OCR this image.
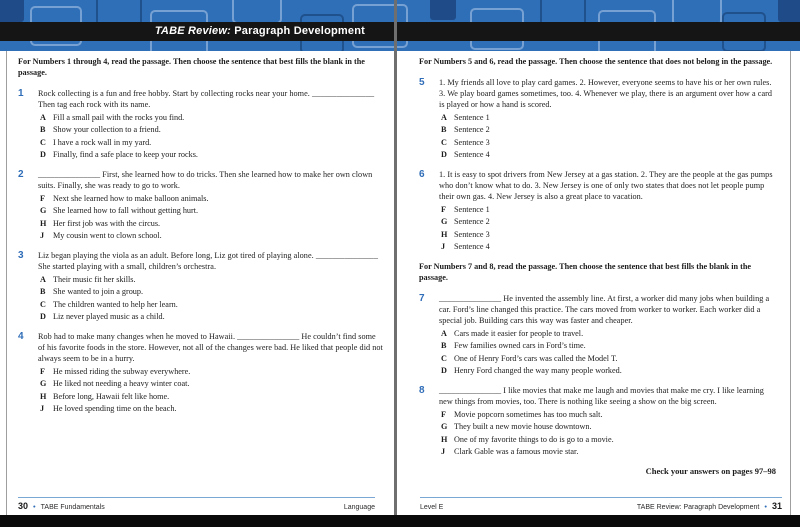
TABE Review: Paragraph Development

For Numbers 1 through 4, read the passage. Then choose the sentence that best fills the blank in the passage.

1	Rock collecting is a fun and free hobby. Start by collecting rocks near your home. _______________ Then tag each rock with its name.

A Fill a small pail with the rocks you find.
B Show your collection to a friend.
C I have a rock wall in my yard.
D Finally, find a safe place to keep your rocks.
2	_______________ First, she learned how to do tricks. Then she learned how to make her own clown suits. Finally, she was ready to go to work.

F Next she learned how to make balloon animals.
G She learned how to fall without getting hurt.
H Her first job was with the circus.
J	My cousin went to clown school.
3	Liz began playing the viola as an adult. Before long, Liz got tired of playing alone. _______________ She started playing with a small, children’s orchestra.

A Their music fit her skills.
B She wanted to join a group.
C The children wanted to help her learn.
D Liz never played music as a child.
4	Rob had to make many changes when he moved to Hawaii. _______________ He couldn’t find some of his favorite foods in the store. However, not all of the changes were bad. He liked that people did not always seem to be in a hurry.

F He missed riding the subway everywhere.
G He liked not needing a heavy winter coat.
H Before long, Hawaii felt like home.
J	He loved spending time on the beach.

For Numbers 5 and 6, read the passage. Then choose the sentence that does not belong in the passage.

5	1. My friends all love to play card games. 2. However, everyone seems to have his or her own rules. 3. We play board games sometimes, too. 4. Whenever we play, there is an argument over how a card is played or how a hand is scored.

A Sentence 1
B Sentence 2
C Sentence 3
D Sentence 4
6	1. It is easy to spot drivers from New Jersey at a gas station. 2. They are the people at the gas pumps who don’t know what to do. 3. New Jersey is one of only two states that does not let people pump their own gas. 4. New Jersey is also a great place to vacation.

F Sentence 1
G Sentence 2
H Sentence 3
J	Sentence 4

For Numbers 7 and 8, read the passage. Then choose the sentence that best fills the blank in the passage.

7	_______________ He invented the assembly line. At first, a worker did many jobs when building a car. Ford’s line changed this practice. The cars moved from worker to worker. Each worker did a special job. Building cars this way was faster and cheaper.

A Cars made it easier for people to travel.
B Few families owned cars in Ford’s time.
C One of Henry Ford’s cars was called the Model T.
D Henry Ford changed the way many people worked.
8	_______________ I like movies that make me laugh and movies that make me cry. I like learning new things from movies, too. There is nothing like seeing a show on the big screen.

F Movie popcorn sometimes has too much salt.
G They built a new movie house downtown.
H One of my favorite things to do is go to a movie.
J	Clark Gable was a famous movie star.

Check your answers on pages 97–98

30 • TABE Fundamentals	Language	Level E	TABE Review: Paragraph Development • 31
